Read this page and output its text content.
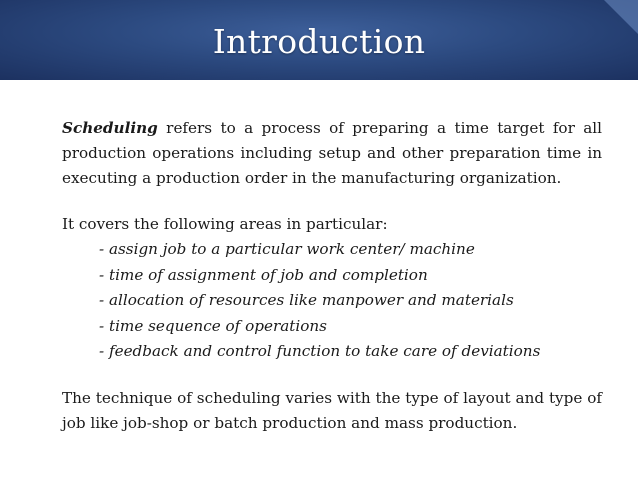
Introduction

Scheduling refers to a process of preparing a time target for all production operations including setup and other preparation time in executing a production order in the manufacturing organization.

It covers the following areas in particular:

- assign job to a particular work center/ machine
- time of assignment of job and completion
- allocation of resources like manpower and materials
- time sequence of operations
- feedback and control function to take care of deviations

The technique of scheduling varies with the type of layout and type of job like job-shop or batch production and mass production.
